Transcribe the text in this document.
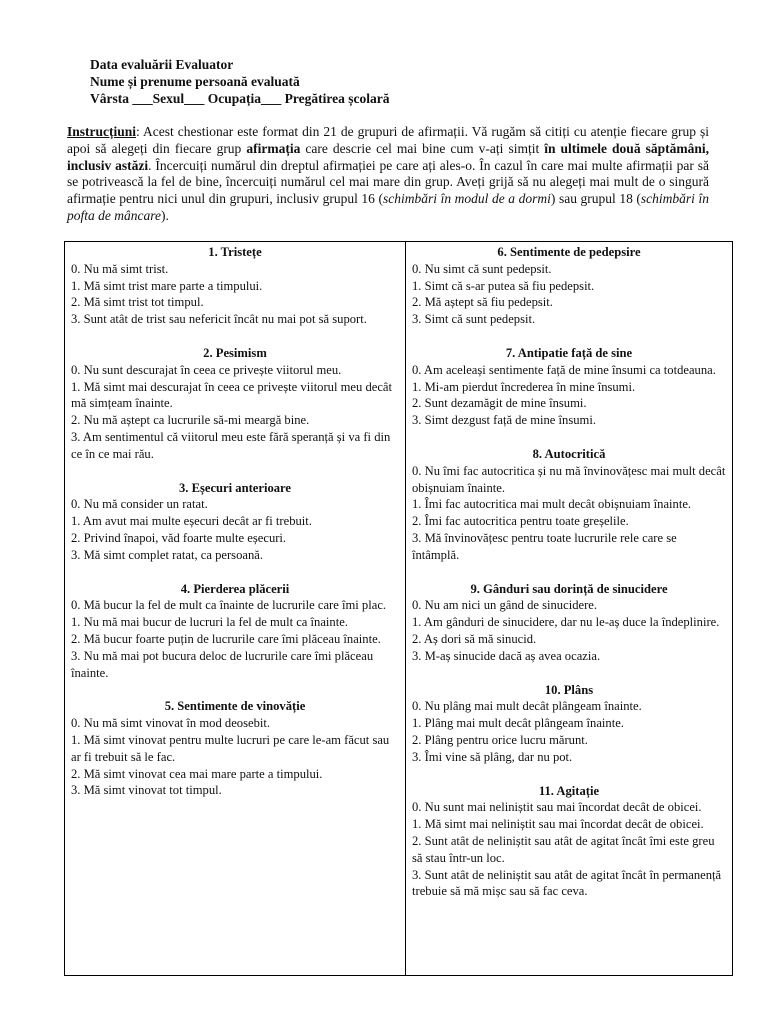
Data evaluării Evaluator
Nume și prenume persoană evaluată
Vârsta ___Sexul___ Ocupația___ Pregătirea școlară
Instrucțiuni: Acest chestionar este format din 21 de grupuri de afirmații. Vă rugăm să citiți cu atenție fiecare grup și apoi să alegeți din fiecare grup afirmația care descrie cel mai bine cum v-ați simțit în ultimele două săptămâni, inclusiv astăzi. Încercuiți numărul din dreptul afirmației pe care ați ales-o. În cazul în care mai multe afirmații par să se potrivească la fel de bine, încercuiți numărul cel mai mare din grup. Aveți grijă să nu alegeți mai mult de o singură afirmație pentru nici unul din grupuri, inclusiv grupul 16 (schimbări în modul de a dormi) sau grupul 18 (schimbări în pofta de mâncare).
1. Tristețe
0. Nu mă simt trist.
1. Mă simt trist mare parte a timpului.
2. Mă simt trist tot timpul.
3. Sunt atât de trist sau nefericit încât nu mai pot să suport.
2. Pesimism
0. Nu sunt descurajat în ceea ce privește viitorul meu.
1. Mă simt mai descurajat în ceea ce privește viitorul meu decât mă simțeam înainte.
2. Nu mă aștept ca lucrurile să-mi meargă bine.
3. Am sentimentul că viitorul meu este fără speranță și va fi din ce în ce mai rău.
3. Eșecuri anterioare
0. Nu mă consider un ratat.
1. Am avut mai multe eșecuri decât ar fi trebuit.
2. Privind înapoi, văd foarte multe eșecuri.
3. Mă simt complet ratat, ca persoană.
4. Pierderea plăcerii
0. Mă bucur la fel de mult ca înainte de lucrurile care îmi plac.
1. Nu mă mai bucur de lucruri la fel de mult ca înainte.
2. Mă bucur foarte puțin de lucrurile care îmi plăceau înainte.
3. Nu mă mai pot bucura deloc de lucrurile care îmi plăceau înainte.
5. Sentimente de vinovăție
0. Nu mă simt vinovat în mod deosebit.
1. Mă simt vinovat pentru multe lucruri pe care le-am făcut sau ar fi trebuit să le fac.
2. Mă simt vinovat cea mai mare parte a timpului.
3. Mă simt vinovat tot timpul.
6. Sentimente de pedepsire
0. Nu simt că sunt pedepsit.
1. Simt că s-ar putea să fiu pedepsit.
2. Mă aștept să fiu pedepsit.
3. Simt că sunt pedepsit.
7. Antipatie față de sine
0. Am aceleași sentimente față de mine însumi ca totdeauna.
1. Mi-am pierdut încrederea în mine însumi.
2. Sunt dezamăgit de mine însumi.
3. Simt dezgust față de mine însumi.
8. Autocritică
0. Nu îmi fac autocritica și nu mă învinovățesc mai mult decât obișnuiam înainte.
1. Îmi fac autocritica mai mult decât obișnuiam înainte.
2. Îmi fac autocritica pentru toate greșelile.
3. Mă învinovățesc pentru toate lucrurile rele care se întâmplă.
9. Gânduri sau dorință de sinucidere
0. Nu am nici un gând de sinucidere.
1. Am gânduri de sinucidere, dar nu le-aș duce la îndeplinire.
2. Aș dori să mă sinucid.
3. M-aș sinucide dacă aș avea ocazia.
10. Plâns
0. Nu plâng mai mult decât plângeam înainte.
1. Plâng mai mult decât plângeam înainte.
2. Plâng pentru orice lucru mărunt.
3. Îmi vine să plâng, dar nu pot.
11. Agitație
0. Nu sunt mai neliniștit sau mai încordat decât de obicei.
1. Mă simt mai neliniștit sau mai încordat decât de obicei.
2. Sunt atât de neliniștit sau atât de agitat încât îmi este greu să stau într-un loc.
3. Sunt atât de neliniștit sau atât de agitat încât în permanență trebuie să mă mișc sau să fac ceva.
